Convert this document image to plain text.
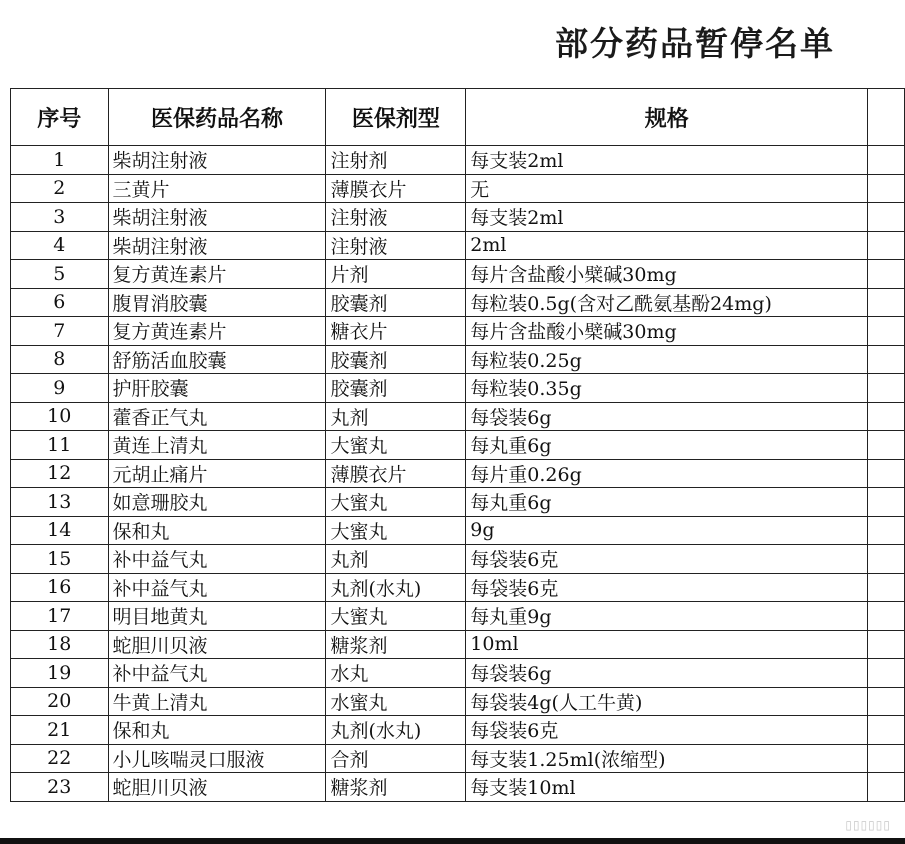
部分药品暂停名单
序号	医保药品名称	医保剂型	规格	
1	柴胡注射液	注射剂	每支装2ml	
2	三黄片	薄膜衣片	无	
3	柴胡注射液	注射液	每支装2ml	
4	柴胡注射液	注射液	2ml	
5	复方黄连素片	片剂	每片含盐酸小檗碱30mg	
6	腹胃消胶囊	胶囊剂	每粒装0.5g(含对乙酰氨基酚24mg)	
7	复方黄连素片	糖衣片	每片含盐酸小檗碱30mg	
8	舒筋活血胶囊	胶囊剂	每粒装0.25g	
9	护肝胶囊	胶囊剂	每粒装0.35g	
10	藿香正气丸	丸剂	每袋装6g	
11	黄连上清丸	大蜜丸	每丸重6g	
12	元胡止痛片	薄膜衣片	每片重0.26g	
13	如意珊胶丸	大蜜丸	每丸重6g	
14	保和丸	大蜜丸	9g	
15	补中益气丸	丸剂	每袋装6克	
16	补中益气丸	丸剂(水丸)	每袋装6克	
17	明目地黄丸	大蜜丸	每丸重9g	
18	蛇胆川贝液	糖浆剂	10ml	
19	补中益气丸	水丸	每袋装6g	
20	牛黄上清丸	水蜜丸	每袋装4g(人工牛黄)	
21	保和丸	丸剂(水丸)	每袋装6克	
22	小儿咳喘灵口服液	合剂	每支装1.25ml(浓缩型)	
23	蛇胆川贝液	糖浆剂	每支装10ml	
▯▯▯▯▯▯
